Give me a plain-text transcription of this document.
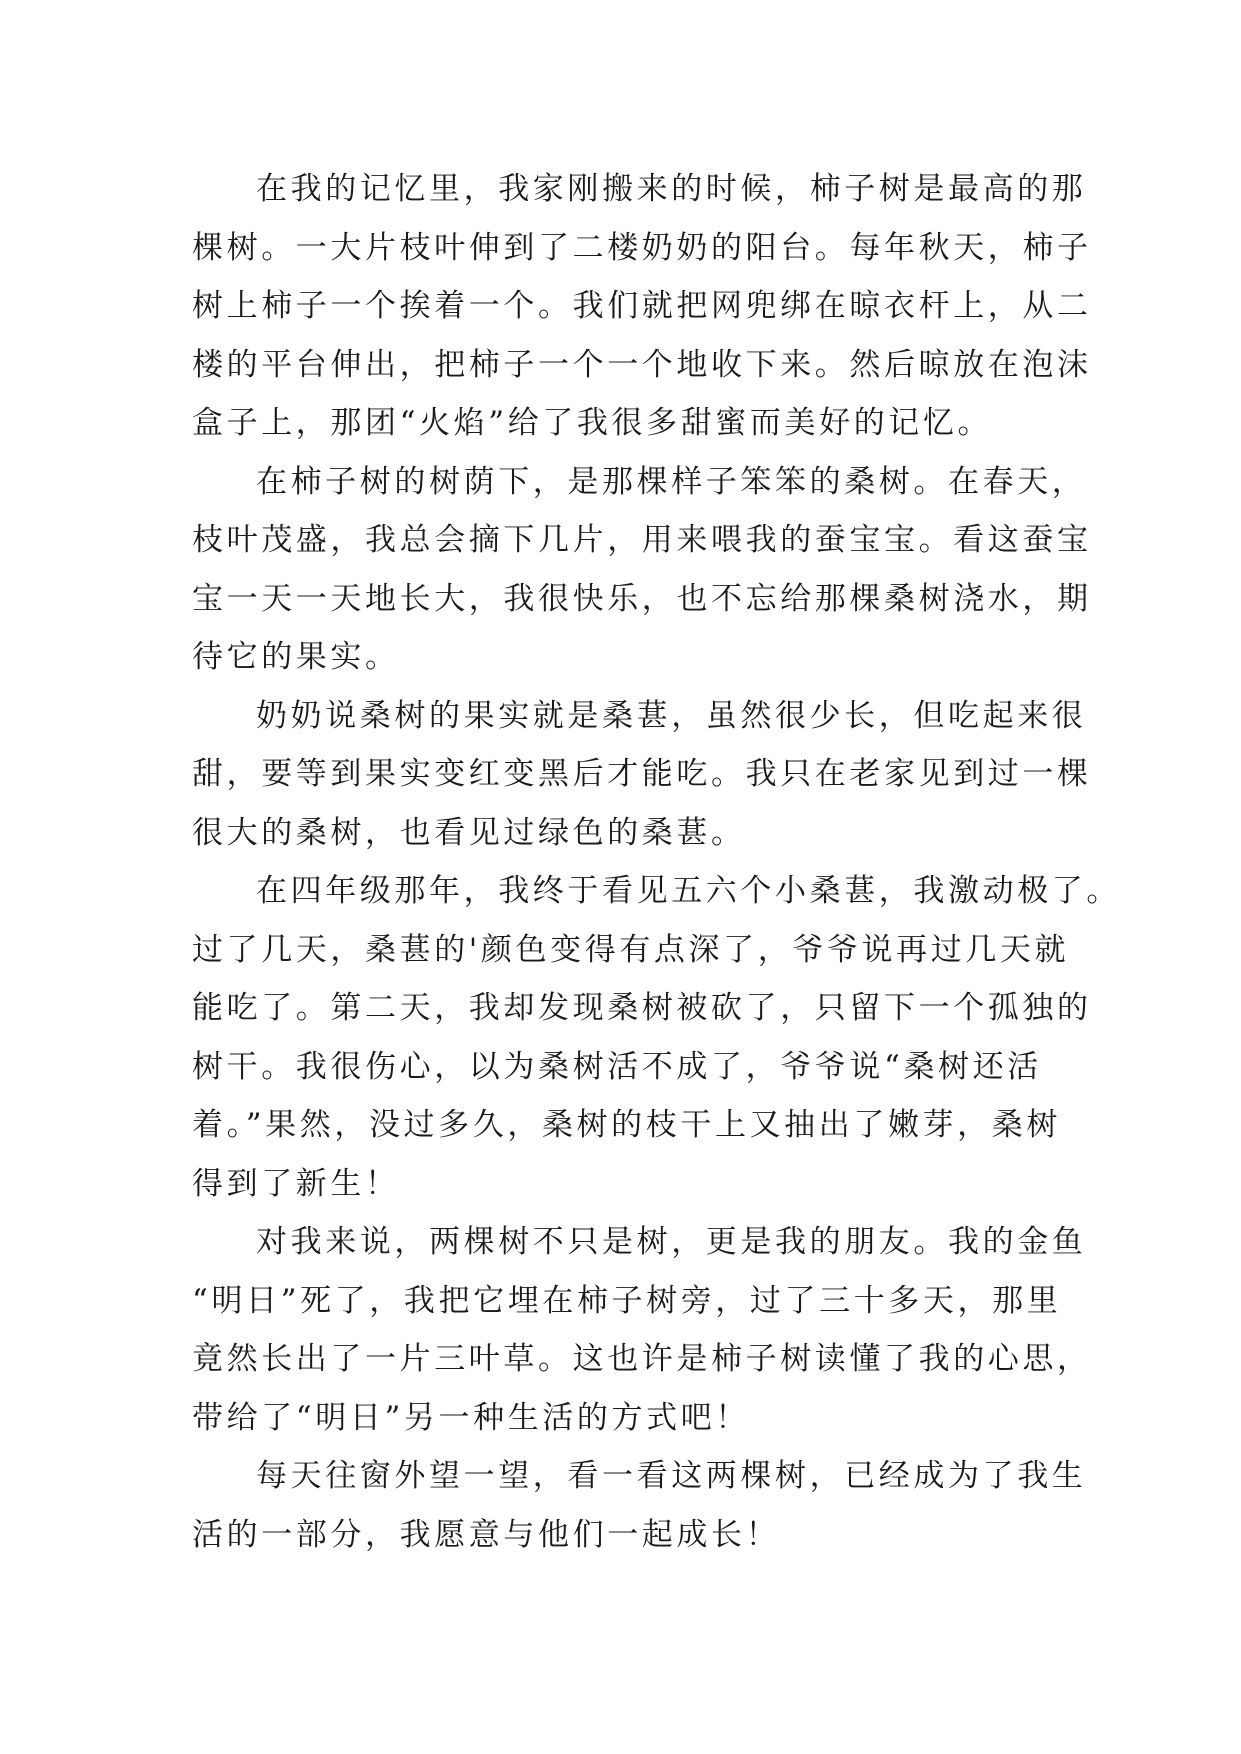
在我的记忆里，我家刚搬来的时候，柿子树是最高的那
棵树。一大片枝叶伸到了二楼奶奶的阳台。每年秋天，柿子
树上柿子一个挨着一个。我们就把网兜绑在晾衣杆上，从二
楼的平台伸出，把柿子一个一个地收下来。然后晾放在泡沫
盒子上，那团“火焰”给了我很多甜蜜而美好的记忆。
在柿子树的树荫下，是那棵样子笨笨的桑树。在春天，
枝叶茂盛，我总会摘下几片，用来喂我的蚕宝宝。看这蚕宝
宝一天一天地长大，我很快乐，也不忘给那棵桑树浇水，期
待它的果实。
奶奶说桑树的果实就是桑葚，虽然很少长，但吃起来很
甜，要等到果实变红变黑后才能吃。我只在老家见到过一棵
很大的桑树，也看见过绿色的桑葚。
在四年级那年，我终于看见五六个小桑葚，我激动极了。
过了几天，桑葚的'颜色变得有点深了，爷爷说再过几天就
能吃了。第二天，我却发现桑树被砍了，只留下一个孤独的
树干。我很伤心，以为桑树活不成了，爷爷说“桑树还活
着。”果然，没过多久，桑树的枝干上又抽出了嫩芽，桑树
得到了新生！
对我来说，两棵树不只是树，更是我的朋友。我的金鱼
“明日”死了，我把它埋在柿子树旁，过了三十多天，那里
竟然长出了一片三叶草。这也许是柿子树读懂了我的心思，
带给了“明日”另一种生活的方式吧！
每天往窗外望一望，看一看这两棵树，已经成为了我生
活的一部分，我愿意与他们一起成长！
